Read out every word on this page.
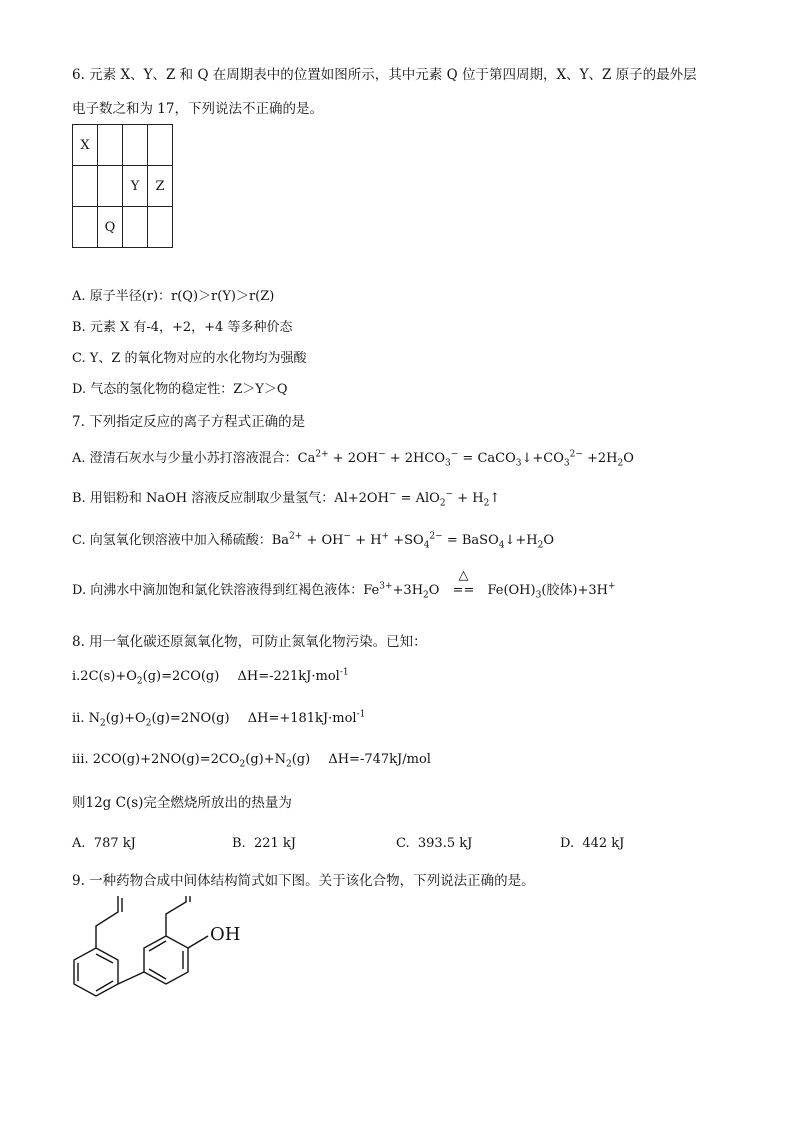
6. 元素 X、Y、Z 和 Q 在周期表中的位置如图所示，其中元素 Q 位于第四周期，X、Y、Z 原子的最外层
电子数之和为 17，下列说法不正确的是。
X			
		Y	Z
	Q		
A. 原子半径(r)：r(Q)＞r(Y)＞r(Z)
B. 元素 X 有-4，+2，+4 等多种价态
C. Y、Z 的氧化物对应的水化物均为强酸
D. 气态的氢化物的稳定性：Z＞Y＞Q
7. 下列指定反应的离子方程式正确的是
A. 澄清石灰水与少量小苏打溶液混合：$Ca^{2+} + 2OH^- + 2HCO_3^-$ = $CaCO_3↓+CO_3^{2-} +2H_2O$
B. 用铝粉和 NaOH 溶液反应制取少量氢气：$Al+2OH^- = AlO_2^- + H_2↑$
C. 向氢氧化钡溶液中加入稀硫酸：$Ba^{2+} + OH^- + H^+ +SO_4^{2-}$ = $BaSO_4↓+H_2O$
D. 向沸水中滴加饱和氯化铁溶液得到红褐色液体：$Fe^{3+}+3H_2O$
△
== $Fe(OH)_3$(胶体)+3H+
8. 用一氧化碳还原氮氧化物，可防止氮氧化物污染。已知：
$ⅰ.2C(s)+O_2(g)=2CO(g)$ ΔH=-221kJ·mol$^{-1}$
ⅱ. $N_2(g)+O_2(g)=2NO(g)$ ΔH=+181kJ·mol$^{-1}$
ⅲ. $2CO(g)+2NO(g)=2CO_2(g)+N_2(g)$ ΔH=-747kJ/mol
则12g C(s)完全燃烧所放出的热量为
A.  787 kJ	B.  221 kJ	C.  393.5 kJ	D.  442 kJ
9. 一种药物合成中间体结构简式如下图。关于该化合物，下列说法正确的是。
OH
